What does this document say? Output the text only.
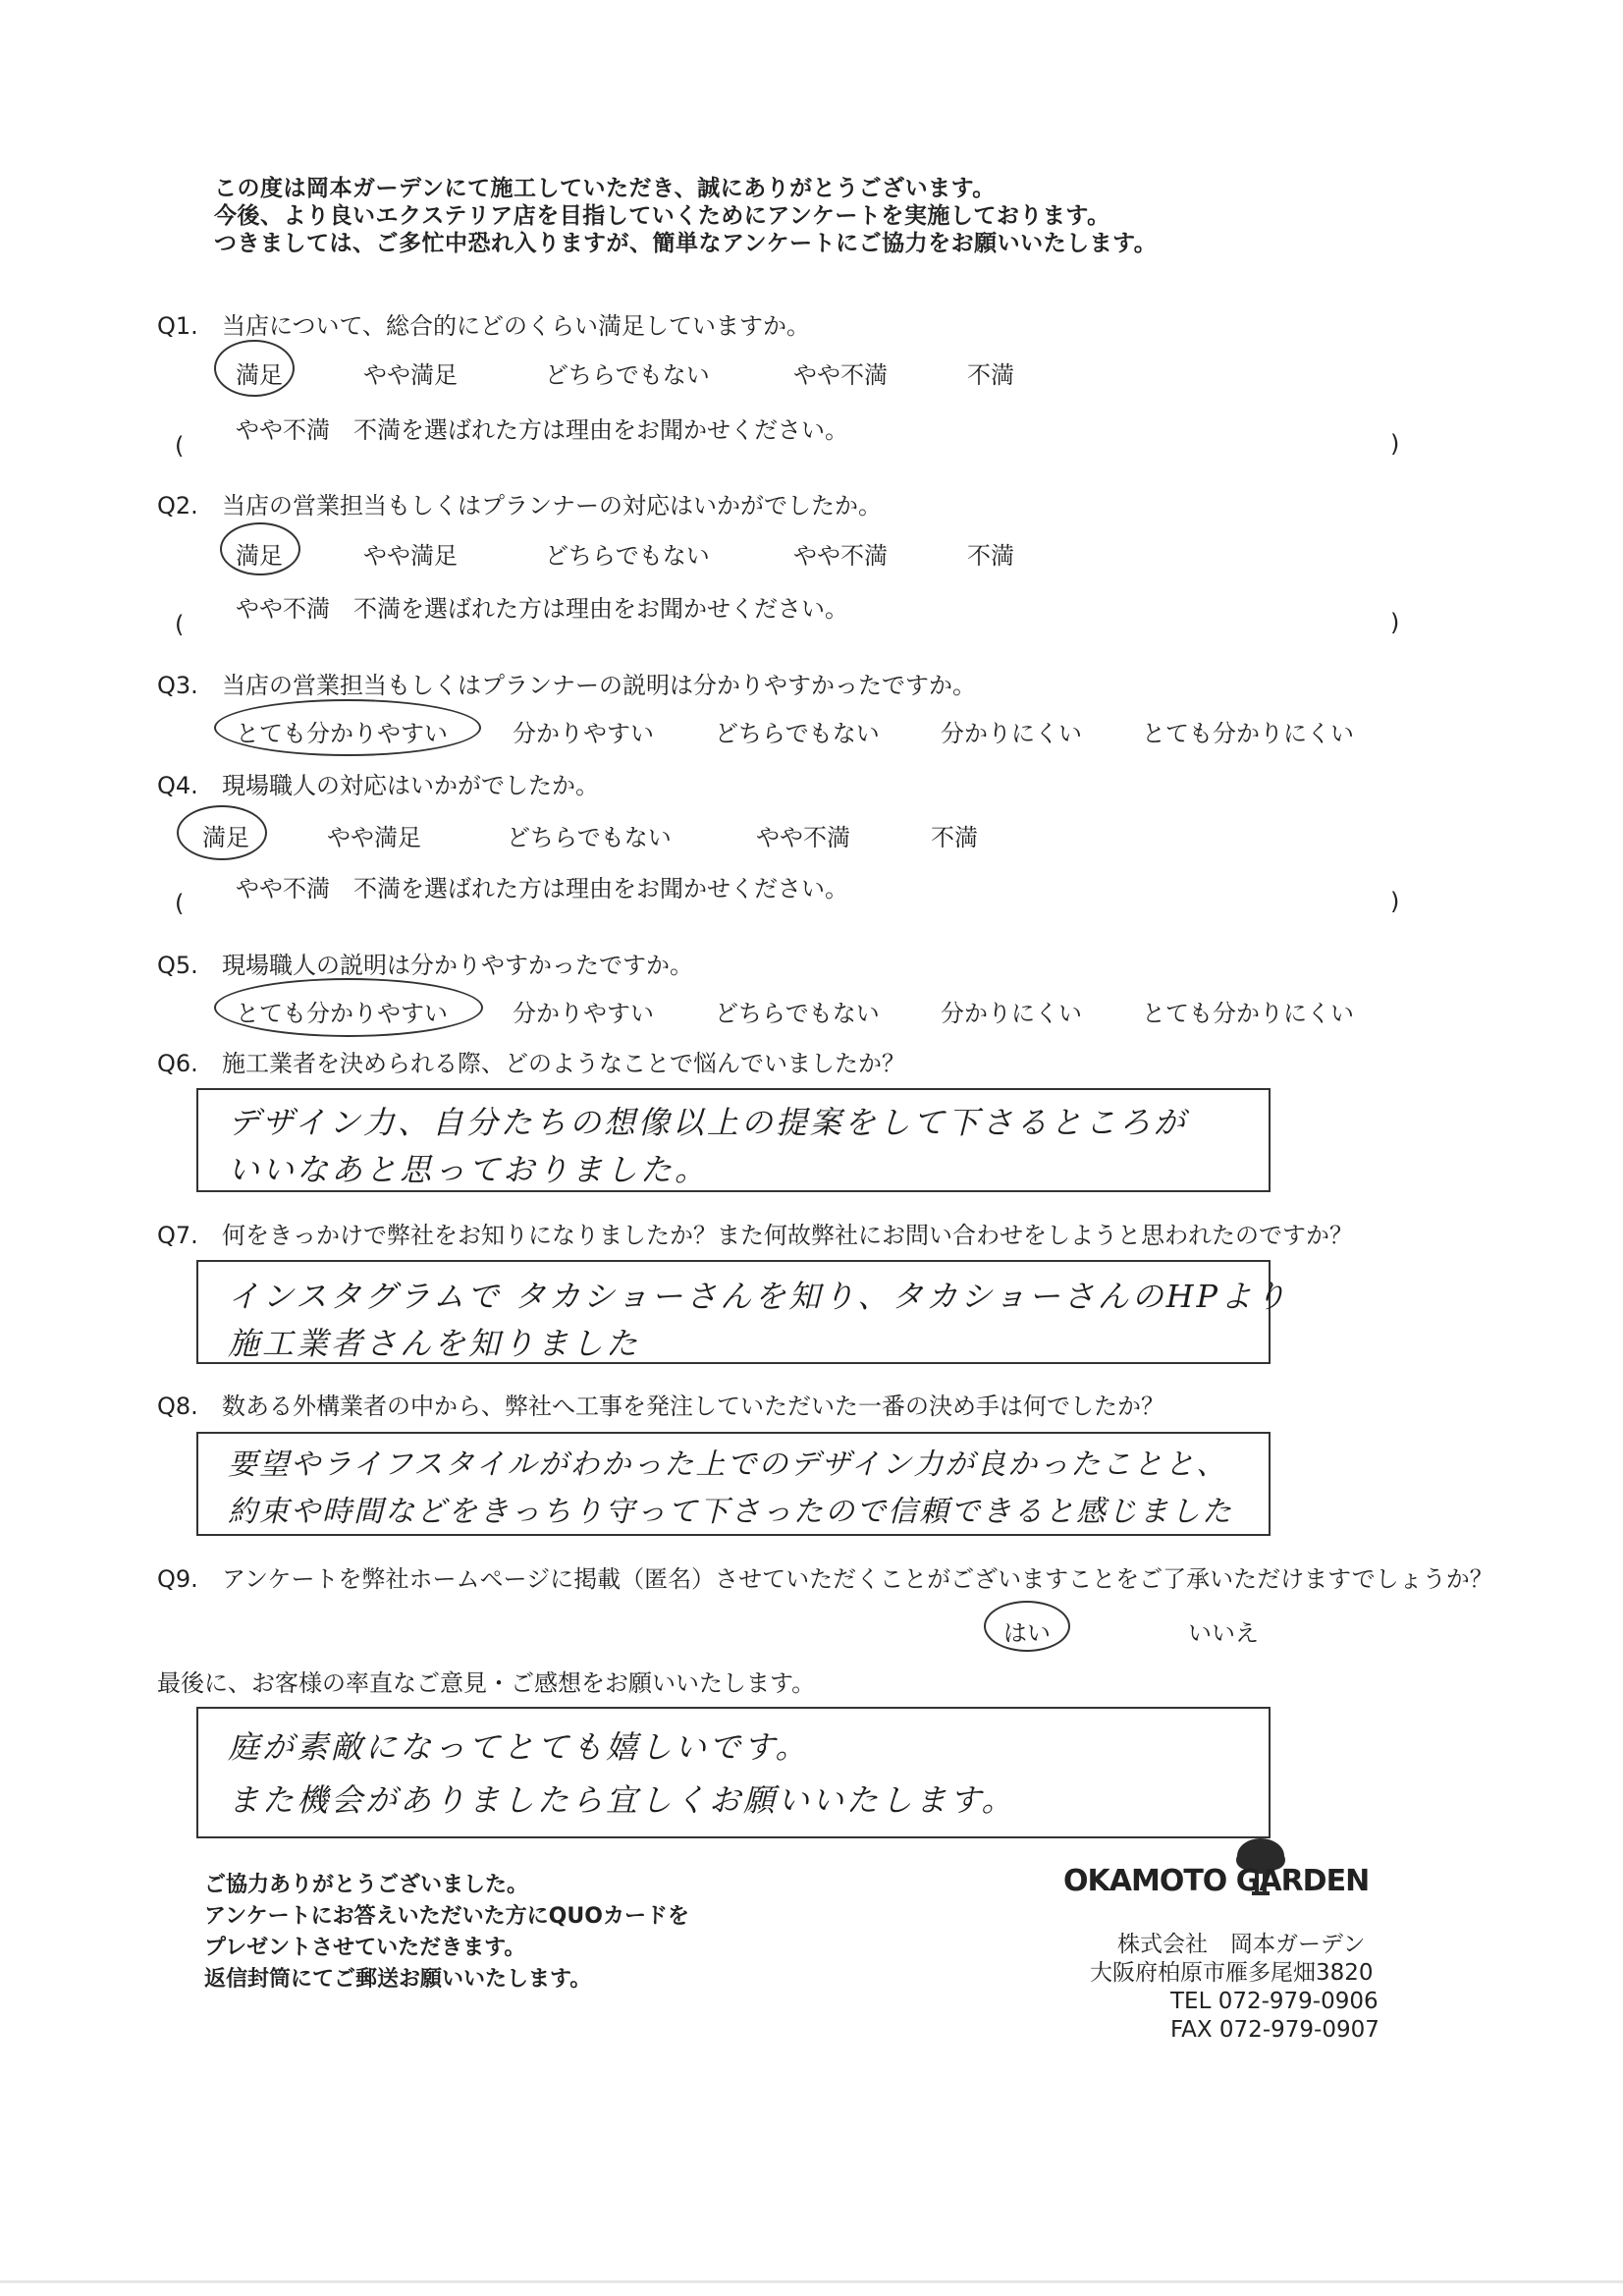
この度は岡本ガーデンにて施工していただき、誠にありがとうございます。
今後、より良いエクステリア店を目指していくためにアンケートを実施しております。
つきましては、ご多忙中恐れ入りますが、簡単なアンケートにご協力をお願いいたします。
Q1. 当店について、総合的にどのくらい満足していますか。
満足	やや満足	どちらでもない	やや不満	不満
やや不満　不満を選ばれた方は理由をお聞かせください。
(	)
Q2. 当店の営業担当もしくはプランナーの対応はいかがでしたか。
満足	やや満足	どちらでもない	やや不満	不満
やや不満　不満を選ばれた方は理由をお聞かせください。
(	)
Q3. 当店の営業担当もしくはプランナーの説明は分かりやすかったですか。
とても分かりやすい	分かりやすい	どちらでもない	分かりにくい	とても分かりにくい
Q4. 現場職人の対応はいかがでしたか。
満足	やや満足	どちらでもない	やや不満	不満
やや不満　不満を選ばれた方は理由をお聞かせください。
(	)
Q5. 現場職人の説明は分かりやすかったですか。
とても分かりやすい	分かりやすい	どちらでもない	分かりにくい	とても分かりにくい
Q6. 施工業者を決められる際、どのようなことで悩んでいましたか？
デザイン力、自分たちの想像以上の提案をして下さるところが
いいなあと思っておりました。
Q7. 何をきっかけで弊社をお知りになりましたか？また何故弊社にお問い合わせをしようと思われたのですか？
インスタグラムで タカショーさんを知り、タカショーさんのHPより
施工業者さんを知りました
Q8. 数ある外構業者の中から、弊社へ工事を発注していただいた一番の決め手は何でしたか？
要望やライフスタイルがわかった上でのデザイン力が良かったことと、
約束や時間などをきっちり守って下さったので信頼できると感じました
Q9. アンケートを弊社ホームページに掲載（匿名）させていただくことがございますことをご了承いただけますでしょうか？
はい	いいえ
最後に、お客様の率直なご意見・ご感想をお願いいたします。
庭が素敵になってとても嬉しいです。
また機会がありましたら宜しくお願いいたします。
ご協力ありがとうございました。
アンケートにお答えいただいた方にQUOカードを
プレゼントさせていただきます。
返信封筒にてご郵送お願いいたします。
OKAMOTO GARDEN
株式会社　岡本ガーデン
大阪府柏原市雁多尾畑3820
TEL 072-979-0906
FAX 072-979-0907
